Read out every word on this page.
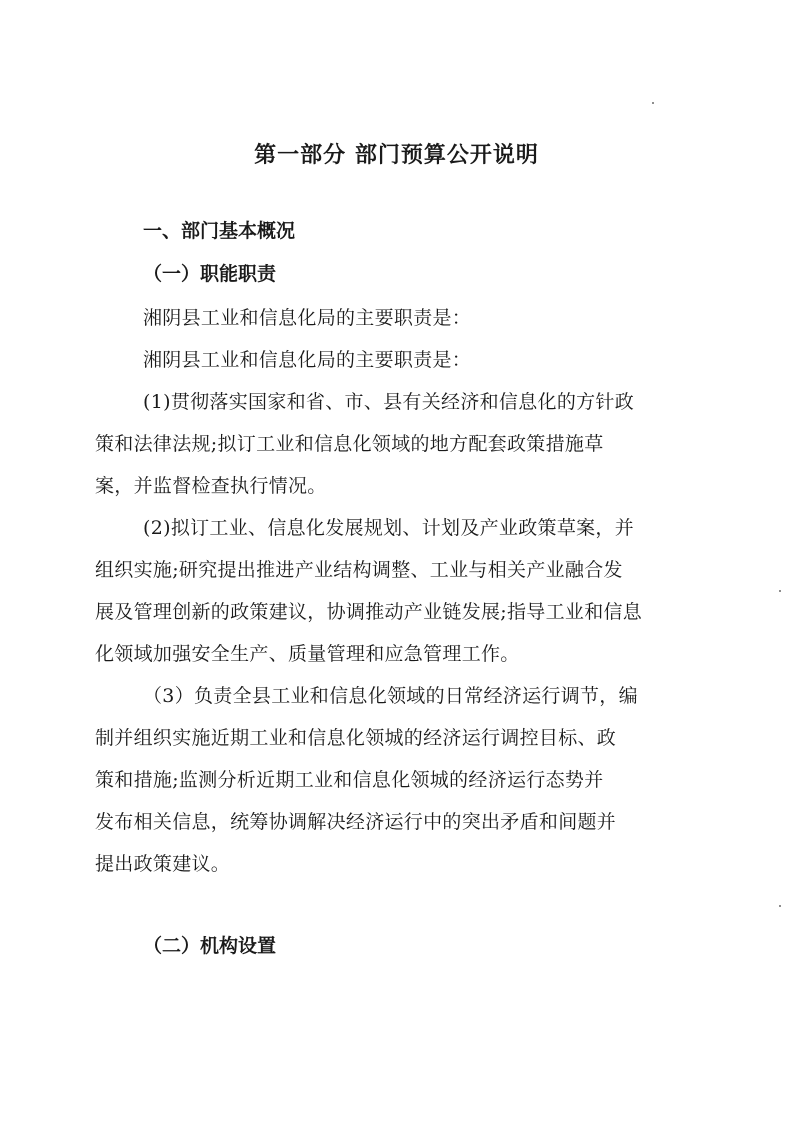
第一部分 部门预算公开说明
一、部门基本概况
（一）职能职责
湘阴县工业和信息化局的主要职责是：
湘阴县工业和信息化局的主要职责是：
(1)贯彻落实国家和省、市、县有关经济和信息化的方针政
策和法律法规;拟订工业和信息化领域的地方配套政策措施草
案，并监督检查执行情况。
(2)拟订工业、信息化发展规划、计划及产业政策草案，并
组织实施;研究提出推进产业结构调整、工业与相关产业融合发
展及管理创新的政策建议，协调推动产业链发展;指导工业和信息
化领域加强安全生产、质量管理和应急管理工作。
（3）负责全县工业和信息化领域的日常经济运行调节，编
制并组织实施近期工业和信息化领城的经济运行调控目标、政
策和措施;监测分析近期工业和信息化领城的经济运行态势并
发布相关信息，统筹协调解决经济运行中的突出矛盾和间题并
提出政策建议。
（二）机构设置
